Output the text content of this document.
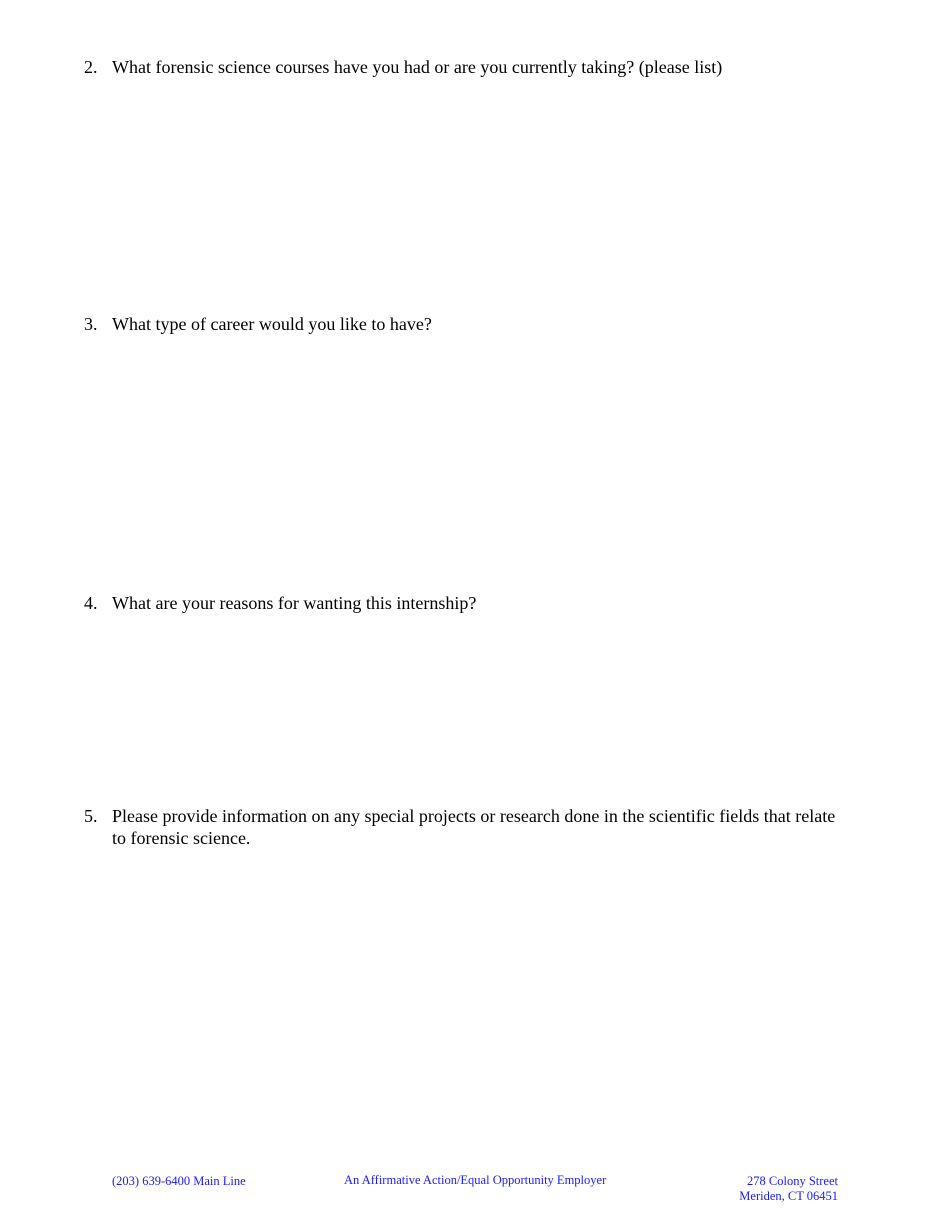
2. What forensic science courses have you had or are you currently taking? (please list)
3. What type of career would you like to have?
4. What are your reasons for wanting this internship?
5. Please provide information on any special projects or research done in the scientific fields that relate to forensic science.
(203) 639-6400 Main Line	An Affirmative Action/Equal Opportunity Employer	278 Colony Street
Meriden, CT 06451
